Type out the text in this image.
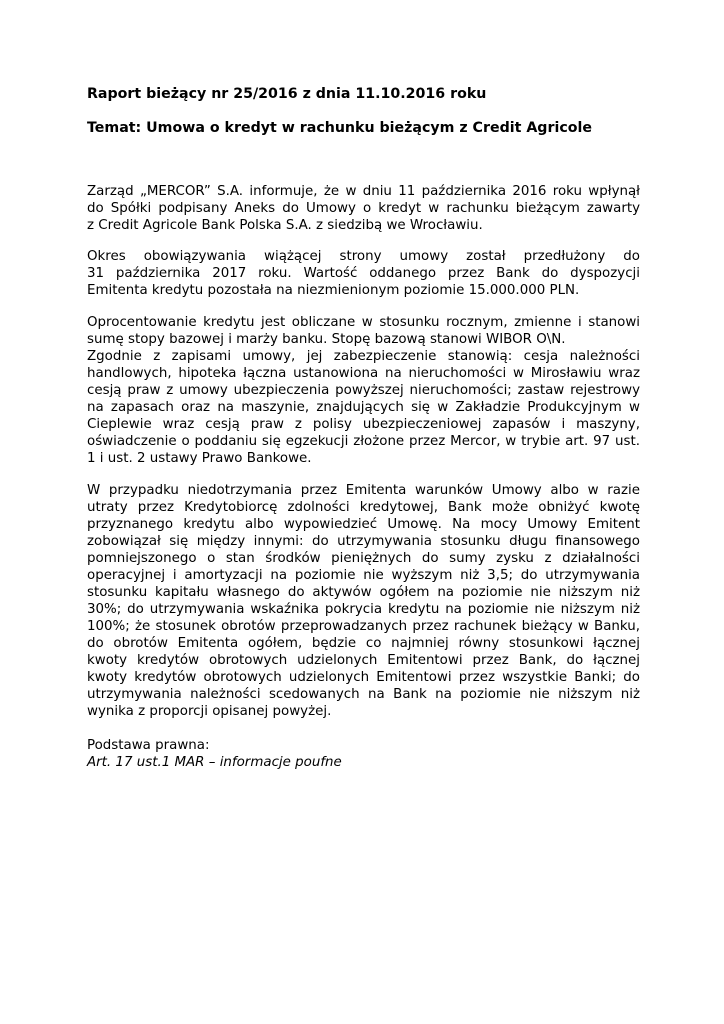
Raport bieżący nr 25/2016 z dnia 11.10.2016 roku
Temat: Umowa o kredyt w rachunku bieżącym z Credit Agricole
Zarząd „MERCOR” S.A. informuje, że w dniu 11 października 2016 roku wpłynął
do Spółki podpisany Aneks do Umowy o kredyt w rachunku bieżącym zawarty
z Credit Agricole Bank Polska S.A. z siedzibą we Wrocławiu.
Okres obowiązywania wiążącej strony umowy został przedłużony do
31 października 2017 roku. Wartość oddanego przez Bank do dyspozycji
Emitenta kredytu pozostała na niezmienionym poziomie 15.000.000 PLN.
Oprocentowanie kredytu jest obliczane w stosunku rocznym, zmienne i stanowi
sumę stopy bazowej i marży banku. Stopę bazową stanowi WIBOR O\N.
Zgodnie z zapisami umowy, jej zabezpieczenie stanowią: cesja należności
handlowych, hipoteka łączna ustanowiona na nieruchomości w Mirosławiu wraz
cesją praw z umowy ubezpieczenia powyższej nieruchomości; zastaw rejestrowy
na zapasach oraz na maszynie, znajdujących się w Zakładzie Produkcyjnym w
Cieplewie wraz cesją praw z polisy ubezpieczeniowej zapasów i maszyny,
oświadczenie o poddaniu się egzekucji złożone przez Mercor, w trybie art. 97 ust.
1 i ust. 2 ustawy Prawo Bankowe.
W przypadku niedotrzymania przez Emitenta warunków Umowy albo w razie
utraty przez Kredytobiorcę zdolności kredytowej, Bank może obniżyć kwotę
przyznanego kredytu albo wypowiedzieć Umowę. Na mocy Umowy Emitent
zobowiązał się między innymi: do utrzymywania stosunku długu finansowego
pomniejszonego o stan środków pieniężnych do sumy zysku z działalności
operacyjnej i amortyzacji na poziomie nie wyższym niż 3,5; do utrzymywania
stosunku kapitału własnego do aktywów ogółem na poziomie nie niższym niż
30%; do utrzymywania wskaźnika pokrycia kredytu na poziomie nie niższym niż
100%; że stosunek obrotów przeprowadzanych przez rachunek bieżący w Banku,
do obrotów Emitenta ogółem, będzie co najmniej równy stosunkowi łącznej
kwoty kredytów obrotowych udzielonych Emitentowi przez Bank, do łącznej
kwoty kredytów obrotowych udzielonych Emitentowi przez wszystkie Banki; do
utrzymywania należności scedowanych na Bank na poziomie nie niższym niż
wynika z proporcji opisanej powyżej.
Podstawa prawna:
Art. 17 ust.1 MAR – informacje poufne
